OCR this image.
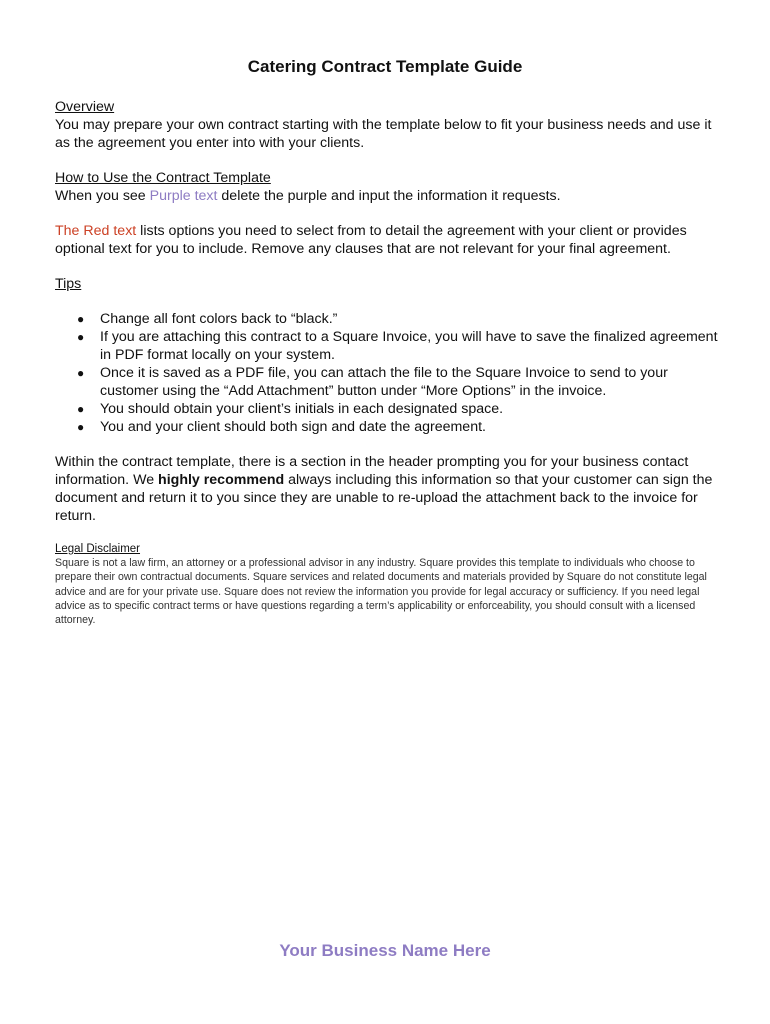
Catering Contract Template Guide

Overview

You may prepare your own contract starting with the template below to fit your business needs and use it as the agreement you enter into with your clients.

How to Use the Contract Template

When you see Purple text delete the purple and input the information it requests.

The Red text lists options you need to select from to detail the agreement with your client or provides optional text for you to include. Remove any clauses that are not relevant for your final agreement.

Tips

● Change all font colors back to “black.”
● If you are attaching this contract to a Square Invoice, you will have to save the finalized agreement in PDF format locally on your system.
● Once it is saved as a PDF file, you can attach the file to the Square Invoice to send to your customer using the “Add Attachment” button under “More Options” in the invoice.
● You should obtain your client’s initials in each designated space.
● You and your client should both sign and date the agreement.

Within the contract template, there is a section in the header prompting you for your business contact information. We highly recommend always including this information so that your customer can sign the document and return it to you since they are unable to re-upload the attachment back to the invoice for return.

Legal Disclaimer

Square is not a law firm, an attorney or a professional advisor in any industry. Square provides this template to individuals who choose to prepare their own contractual documents. Square services and related documents and materials provided by Square do not constitute legal advice and are for your private use. Square does not review the information you provide for legal accuracy or sufficiency. If you need legal advice as to specific contract terms or have questions regarding a term’s applicability or enforceability, you should consult with a licensed attorney.

Your Business Name Here
